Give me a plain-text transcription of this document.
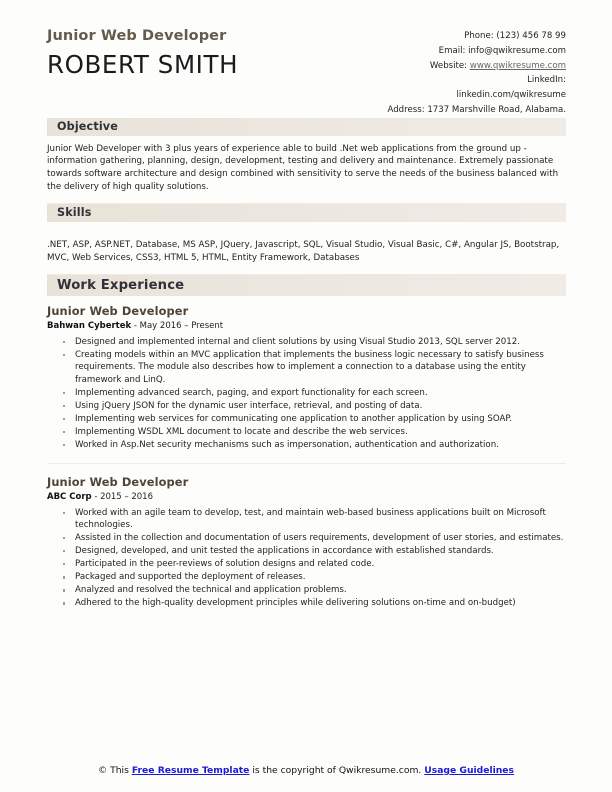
Junior Web Developer
ROBERT SMITH
Phone: (123) 456 78 99
Email: info@qwikresume.com
Website: www.qwikresume.com
LinkedIn:
linkedin.com/qwikresume
Address: 1737 Marshville Road, Alabama.
Objective
Junior Web Developer with 3 plus years of experience able to build .Net web applications from the ground up - information gathering, planning, design, development, testing and delivery and maintenance. Extremely passionate towards software architecture and design combined with sensitivity to serve the needs of the business balanced with the delivery of high quality solutions.
Skills
.NET, ASP, ASP.NET, Database, MS ASP, JQuery, Javascript, SQL, Visual Studio, Visual Basic, C#, Angular JS, Bootstrap, MVC, Web Services, CSS3, HTML 5, HTML, Entity Framework, Databases
Work Experience
Junior Web Developer
Bahwan Cybertek - May 2016 – Present
Designed and implemented internal and client solutions by using Visual Studio 2013, SQL server 2012.
Creating models within an MVC application that implements the business logic necessary to satisfy business requirements. The module also describes how to implement a connection to a database using the entity framework and LinQ.
Implementing advanced search, paging, and export functionality for each screen.
Using jQuery JSON for the dynamic user interface, retrieval, and posting of data.
Implementing web services for communicating one application to another application by using SOAP.
Implementing WSDL XML document to locate and describe the web services.
Worked in Asp.Net security mechanisms such as impersonation, authentication and authorization.
Junior Web Developer
ABC Corp - 2015 – 2016
Worked with an agile team to develop, test, and maintain web-based business applications built on Microsoft technologies.
Assisted in the collection and documentation of users requirements, development of user stories, and estimates.
Designed, developed, and unit tested the applications in accordance with established standards.
Participated in the peer-reviews of solution designs and related code.
Packaged and supported the deployment of releases.
Analyzed and resolved the technical and application problems.
Adhered to the high-quality development principles while delivering solutions on-time and on-budget)
© This Free Resume Template is the copyright of Qwikresume.com. Usage Guidelines
